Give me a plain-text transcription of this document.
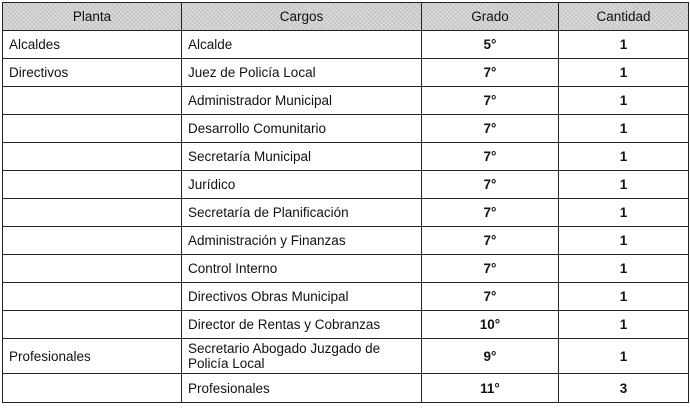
Planta	Cargos	Grado	Cantidad
Alcaldes	Alcalde	5°	1
Directivos	Juez de Policía Local	7°	1
	Administrador Municipal	7°	1
	Desarrollo Comunitario	7°	1
	Secretaría Municipal	7°	1
	Jurídico	7°	1
	Secretaría de Planificación	7°	1
	Administración y Finanzas	7°	1
	Control Interno	7°	1
	Directivos Obras Municipal	7°	1
	Director de Rentas y Cobranzas	10°	1
Profesionales	Secretario Abogado Juzgado de Policía Local	9°	1
	Profesionales	11°	3
